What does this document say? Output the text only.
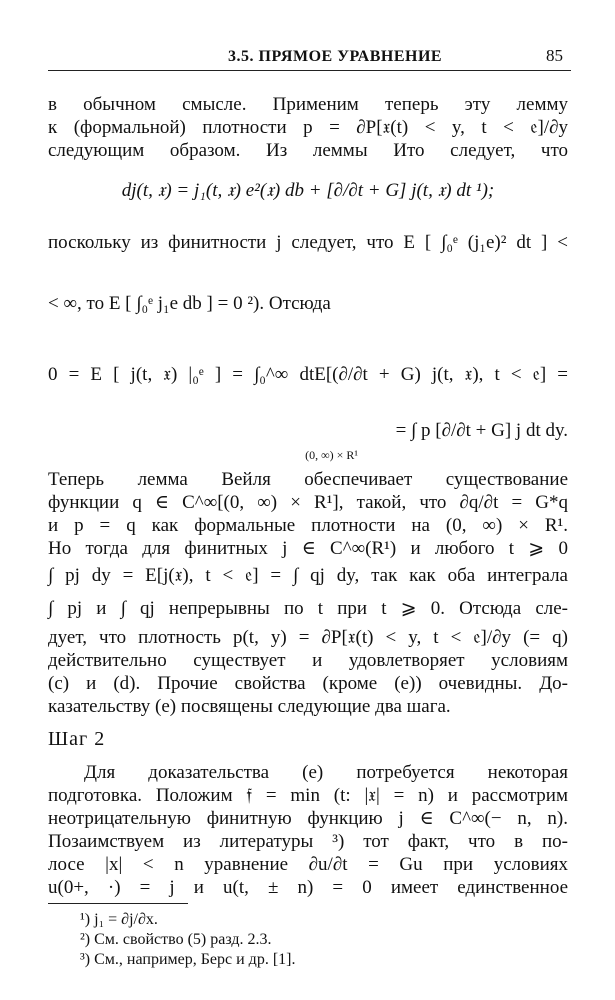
3.5. ПРЯМОЕ УРАВНЕНИЕ	85
в обычном смысле. Применим теперь эту лемму
к (формальной) плотности p = ∂P[𝔵(t) < y, t < 𝔢]/∂y
следующим образом. Из леммы Ито следует, что
dj(t, 𝔵) = j₁(t, 𝔵) e²(𝔵) db + [∂/∂t + G] j(t, 𝔵) dt ¹);
поскольку из финитности j следует, что E [ ∫₀ᵉ (j₁e)² dt ] <
< ∞, то E [ ∫₀ᵉ j₁e db ] = 0 ²). Отсюда
0 = E [ j(t, 𝔵) |₀ᵉ ] = ∫₀^∞ dtE[(∂/∂t + G) j(t, 𝔵), t < 𝔢] =
= ∫ p [∂/∂t + G] j dt dy.
(0, ∞) × R¹
Теперь лемма Вейля обеспечивает существование
функции q ∈ C^∞[(0, ∞) × R¹], такой, что ∂q/∂t = G*q
и p = q как формальные плотности на (0, ∞) × R¹.
Но тогда для финитных j ∈ C^∞(R¹) и любого t ⩾ 0
∫ pj dy = E[j(𝔵), t < 𝔢] = ∫ qj dy, так как оба интеграла
∫ pj и ∫ qj непрерывны по t при t ⩾ 0. Отсюда сле-
дует, что плотность p(t, y) = ∂P[𝔵(t) < y, t < 𝔢]/∂y (= q)
действительно существует и удовлетворяет условиям
(c) и (d). Прочие свойства (кроме (e)) очевидны. До-
казательству (e) посвящены следующие два шага.
Шаг 2
Для доказательства (e) потребуется некоторая
подготовка. Положим 𝔣 = min (t: |𝔵| = n) и рассмотрим
неотрицательную финитную функцию j ∈ C^∞(− n, n).
Позаимствуем из литературы ³) тот факт, что в по-
лосе |x| < n уравнение ∂u/∂t = Gu при условиях
u(0+, ·) = j и u(t, ± n) = 0 имеет единственное
¹) j₁ = ∂j/∂x.
²) См. свойство (5) разд. 2.3.
³) См., например, Берс и др. [1].
